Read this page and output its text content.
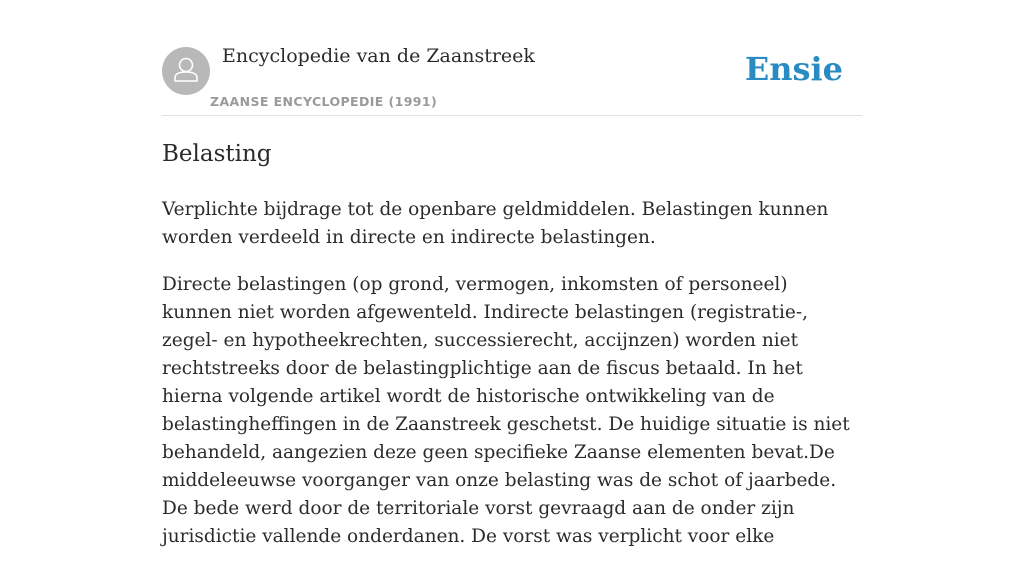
Encyclopedie van de Zaanstreek
ZAANSE ENCYCLOPEDIE (1991)
Ensie
Belasting

Verplichte bijdrage tot de openbare geldmiddelen. Belastingen kunnen worden verdeeld in directe en indirecte belastingen.

Directe belastingen (op grond, vermogen, inkomsten of personeel) kunnen niet worden afgewenteld. Indirecte belastingen (registratie-, zegel- en hypotheekrechten, successierecht, accijnzen) worden niet rechtstreeks door de belastingplichtige aan de fiscus betaald. In het hierna volgende artikel wordt de historische ontwikkeling van de belastingheffingen in de Zaanstreek geschetst. De huidige situatie is niet behandeld, aangezien deze geen specifieke Zaanse elementen bevat.De middeleeuwse voorganger van onze belasting was de schot of jaarbede. De bede werd door de territoriale vorst gevraagd aan de onder zijn jurisdictie vallende onderdanen. De vorst was verplicht voor elke
